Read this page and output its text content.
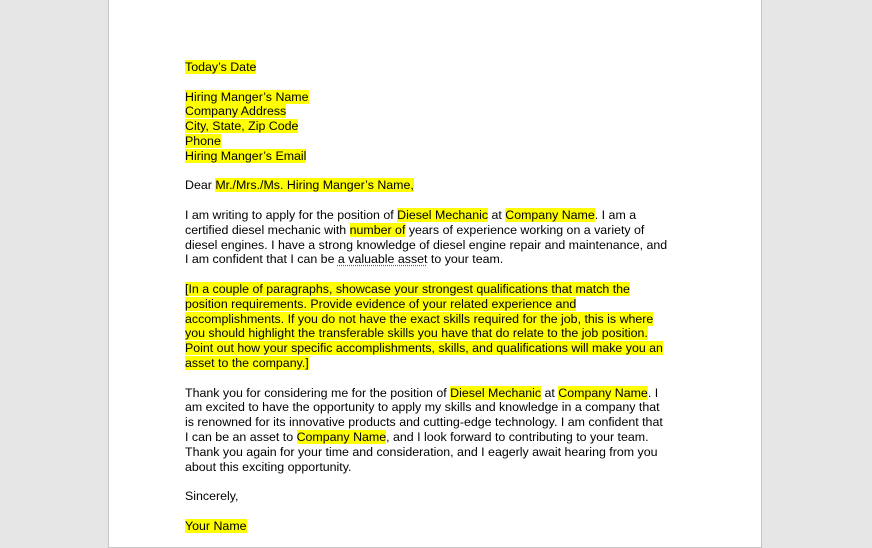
Today’s Date

Hiring Manger’s Name
Company Address
City, State, Zip Code
Phone
Hiring Manger’s Email

Dear Mr./Mrs./Ms. Hiring Manger’s Name,

I am writing to apply for the position of Diesel Mechanic at Company Name. I am a
certified diesel mechanic with number of years of experience working on a variety of
diesel engines. I have a strong knowledge of diesel engine repair and maintenance, and
I am confident that I can be a valuable asset to your team.

[In a couple of paragraphs, showcase your strongest qualifications that match the
position requirements. Provide evidence of your related experience and
accomplishments. If you do not have the exact skills required for the job, this is where
you should highlight the transferable skills you have that do relate to the job position.
Point out how your specific accomplishments, skills, and qualifications will make you an
asset to the company.]

Thank you for considering me for the position of Diesel Mechanic at Company Name. I
am excited to have the opportunity to apply my skills and knowledge in a company that
is renowned for its innovative products and cutting-edge technology. I am confident that
I can be an asset to Company Name, and I look forward to contributing to your team.
Thank you again for your time and consideration, and I eagerly await hearing from you
about this exciting opportunity.

Sincerely,

Your Name
